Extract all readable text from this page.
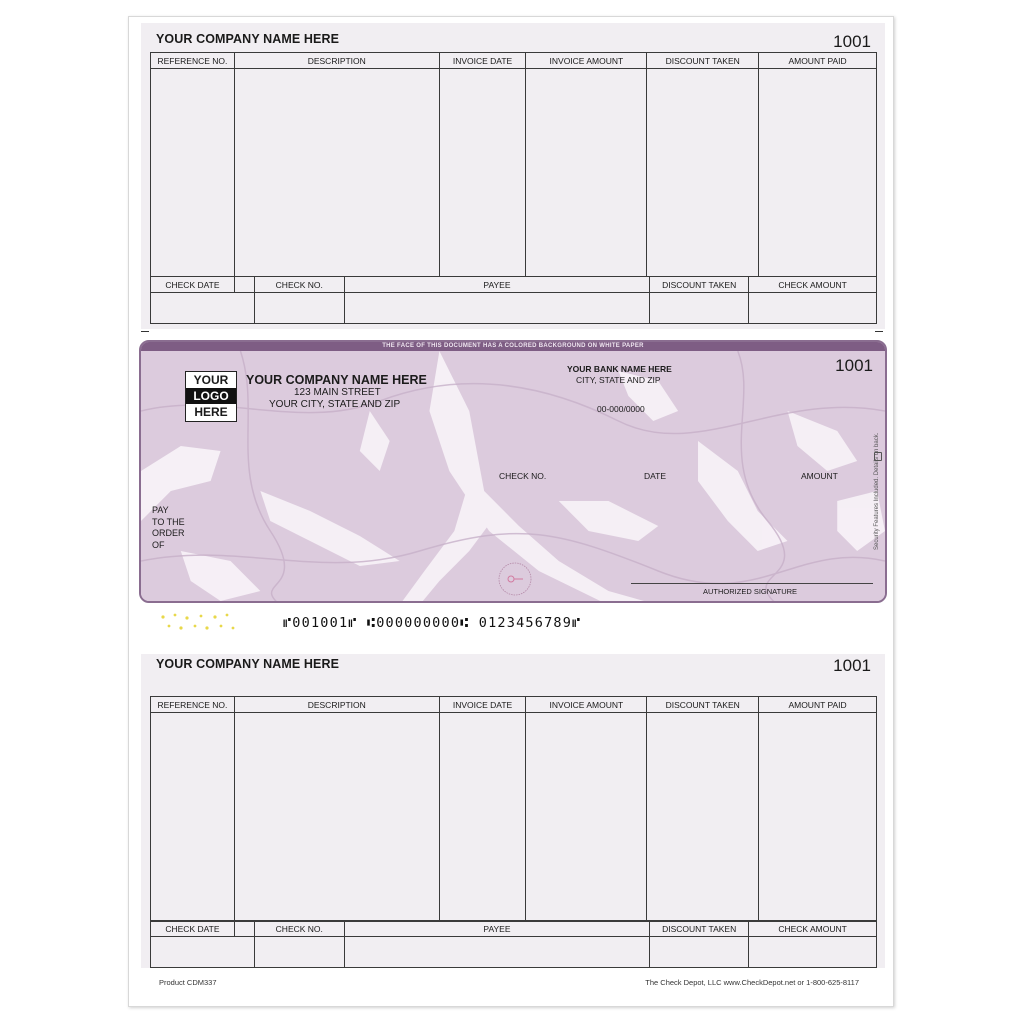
YOUR COMPANY NAME HERE	1001
REFERENCE NO.	DESCRIPTION	INVOICE DATE	INVOICE AMOUNT	DISCOUNT TAKEN	AMOUNT PAID

CHECK DATE		CHECK NO.	PAYEE	DISCOUNT TAKEN	CHECK AMOUNT

THE FACE OF THIS DOCUMENT HAS A COLORED BACKGROUND ON WHITE PAPER
YOUR
LOGO
HERE
YOUR COMPANY NAME HERE
123 MAIN STREET
YOUR CITY, STATE AND ZIP
YOUR BANK NAME HERE
CITY, STATE AND ZIP
00-000/0000
1001
CHECK NO.	DATE	AMOUNT
PAY
TO THE
ORDER
OF
AUTHORIZED SIGNATURE
Security Features Included. Details on back.
⑈001001⑈ ⑆000000000⑆ 0123456789⑈
YOUR COMPANY NAME HERE	1001
REFERENCE NO.	DESCRIPTION	INVOICE DATE	INVOICE AMOUNT	DISCOUNT TAKEN	AMOUNT PAID

CHECK DATE		CHECK NO.	PAYEE	DISCOUNT TAKEN	CHECK AMOUNT

Product CDM337	The Check Depot, LLC www.CheckDepot.net or 1-800-625-8117
